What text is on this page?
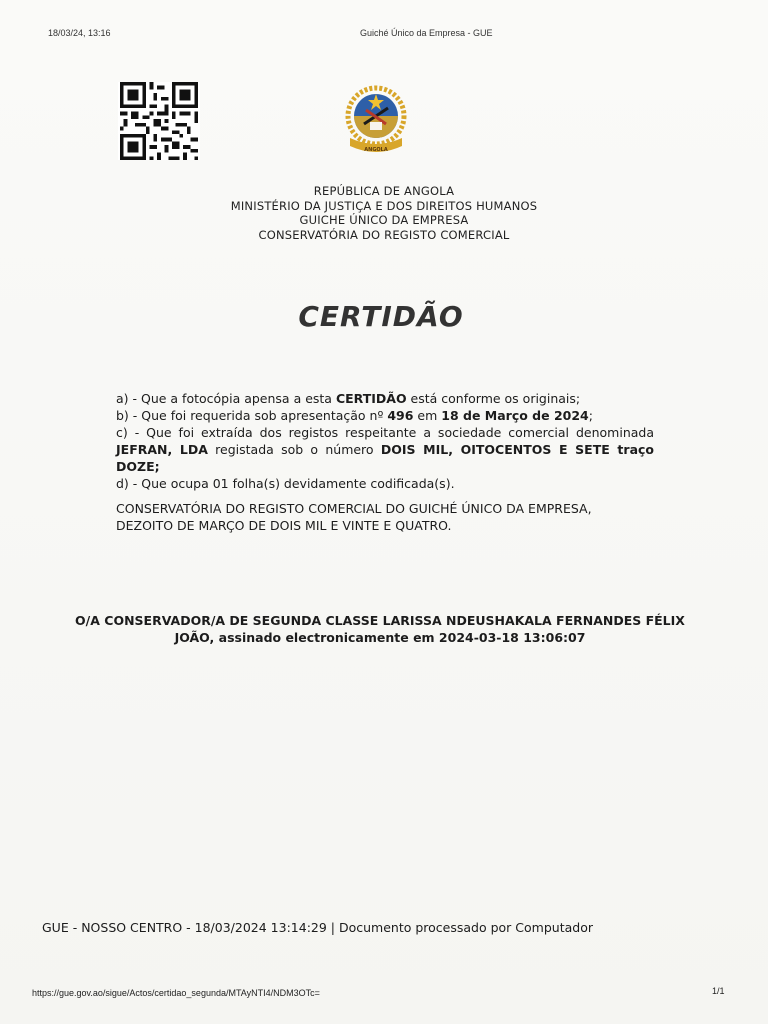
18/03/24, 13:16	Guiché Único da Empresa - GUE
ANGOLA
REPÚBLICA DE ANGOLA
MINISTÉRIO DA JUSTIÇA E DOS DIREITOS HUMANOS
GUICHE ÚNICO DA EMPRESA
CONSERVATÓRIA DO REGISTO COMERCIAL
CERTIDÃO

a) - Que a fotocópia apensa a esta CERTIDÃO está conforme os originais;

b) - Que foi requerida sob apresentação nº 496 em 18 de Março de 2024;

c) - Que foi extraída dos registos respeitante a sociedade comercial denominada JEFRAN, LDA registada sob o número DOIS MIL, OITOCENTOS E SETE traço DOZE;

d) - Que ocupa 01 folha(s) devidamente codificada(s).

CONSERVATÓRIA DO REGISTO COMERCIAL DO GUICHÉ ÚNICO DA EMPRESA,
DEZOITO DE MARÇO DE DOIS MIL E VINTE E QUATRO.
O/A CONSERVADOR/A DE SEGUNDA CLASSE LARISSA NDEUSHAKALA FERNANDES FÉLIX
JOÃO, assinado electronicamente em 2024-03-18 13:06:07
GUE - NOSSO CENTRO - 18/03/2024 13:14:29 | Documento processado por Computador
https://gue.gov.ao/sigue/Actos/certidao_segunda/MTAyNTI4/NDM3OTc=	1/1
